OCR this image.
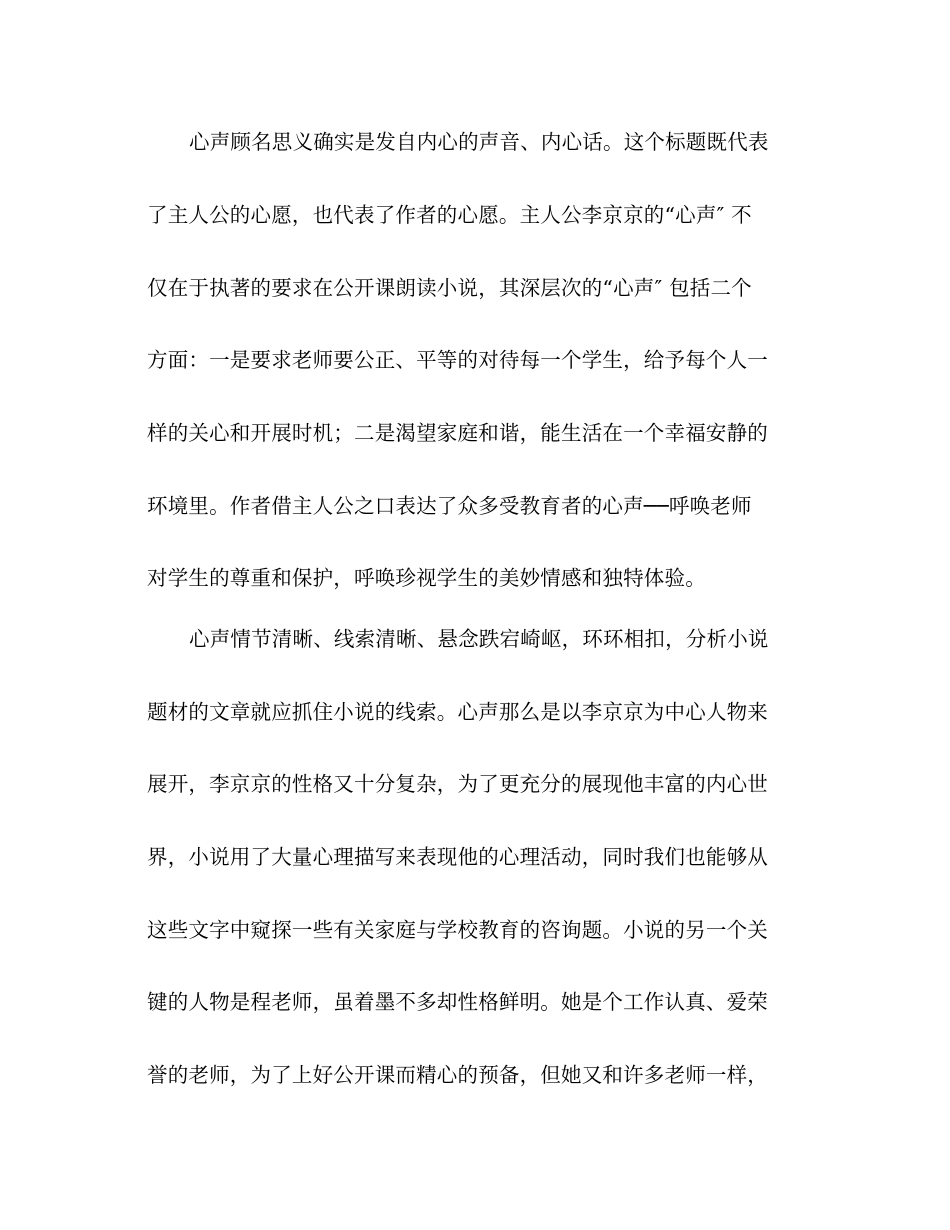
心声顾名思义确实是发自内心的声音、内心话。这个标题既代表

了主人公的心愿，也代表了作者的心愿。主人公李京京的“心声″ 不

仅在于执著的要求在公开课朗读小说，其深层次的“心声″ 包括二个

方面：一是要求老师要公正、平等的对待每一个学生，给予每个人一

样的关心和开展时机；二是渴望家庭和谐，能生活在一个幸福安静的

环境里。作者借主人公之口表达了众多受教育者的心声──呼唤老师

对学生的尊重和保护，呼唤珍视学生的美妙情感和独特体验。

心声情节清晰、线索清晰、悬念跌宕崎岖，环环相扣，分析小说

题材的文章就应抓住小说的线索。心声那么是以李京京为中心人物来

展开，李京京的性格又十分复杂，为了更充分的展现他丰富的内心世

界，小说用了大量心理描写来表现他的心理活动，同时我们也能够从

这些文字中窥探一些有关家庭与学校教育的咨询题。小说的另一个关

键的人物是程老师，虽着墨不多却性格鲜明。她是个工作认真、爱荣

誉的老师，为了上好公开课而精心的预备，但她又和许多老师一样，
